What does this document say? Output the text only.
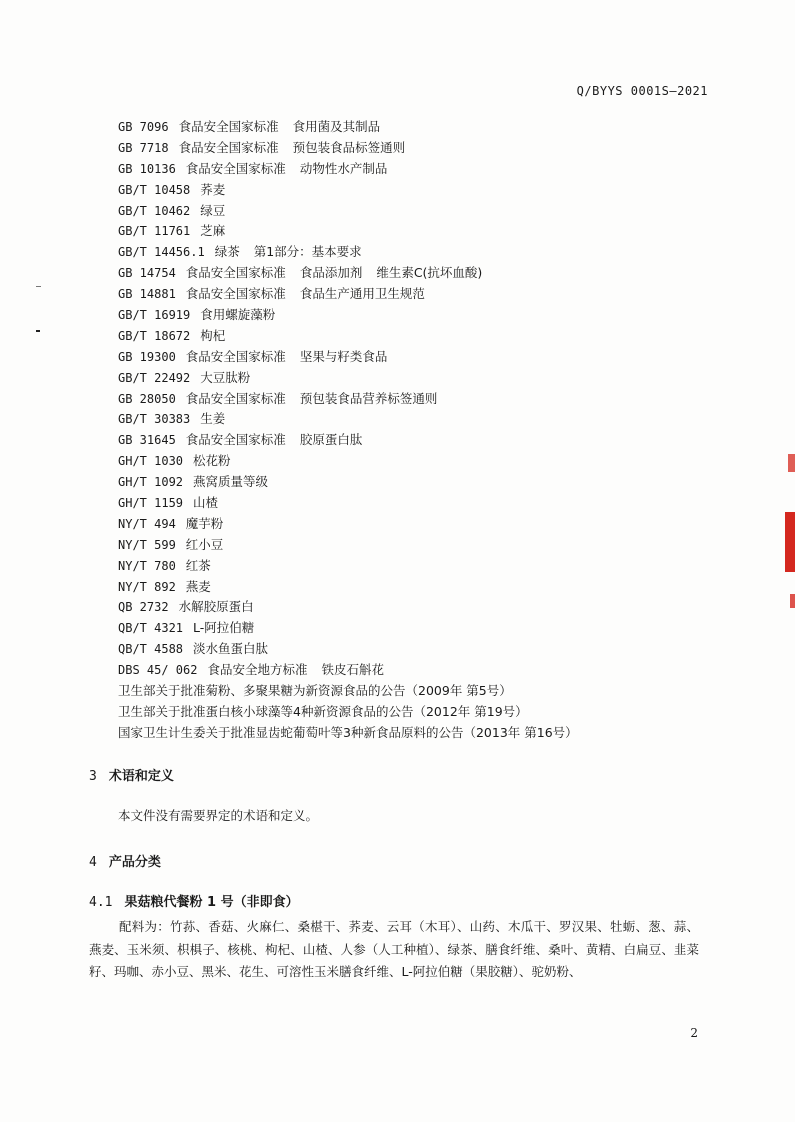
Q/BYYS 0001S—2021
GB 7096 食品安全国家标准 食用菌及其制品
GB 7718 食品安全国家标准 预包装食品标签通则
GB 10136 食品安全国家标准 动物性水产制品
GB/T 10458 荞麦
GB/T 10462 绿豆
GB/T 11761 芝麻
GB/T 14456.1 绿茶 第1部分：基本要求
GB 14754 食品安全国家标准 食品添加剂 维生素C(抗坏血酸)
GB 14881 食品安全国家标准 食品生产通用卫生规范
GB/T 16919 食用螺旋藻粉
GB/T 18672 枸杞
GB 19300 食品安全国家标准 坚果与籽类食品
GB/T 22492 大豆肽粉
GB 28050 食品安全国家标准 预包装食品营养标签通则
GB/T 30383 生姜
GB 31645 食品安全国家标准 胶原蛋白肽
GH/T 1030 松花粉
GH/T 1092 燕窝质量等级
GH/T 1159 山楂
NY/T 494 魔芋粉
NY/T 599 红小豆
NY/T 780 红茶
NY/T 892 燕麦
QB 2732 水解胶原蛋白
QB/T 4321 L-阿拉伯糖
QB/T 4588 淡水鱼蛋白肽
DBS 45/ 062 食品安全地方标准 铁皮石斛花
卫生部关于批准菊粉、多聚果糖为新资源食品的公告（2009年 第5号）
卫生部关于批准蛋白核小球藻等4种新资源食品的公告（2012年 第19号）
国家卫生计生委关于批准显齿蛇葡萄叶等3种新食品原料的公告（2013年 第16号）
3 术语和定义
本文件没有需要界定的术语和定义。
4 产品分类
4.1 果菇粮代餐粉 1 号（非即食）
配料为：竹荪、香菇、火麻仁、桑椹干、荞麦、云耳（木耳）、山药、木瓜干、罗汉果、牡蛎、葱、蒜、燕麦、玉米须、枳椇子、核桃、枸杞、山楂、人参（人工种植）、绿茶、膳食纤维、桑叶、黄精、白扁豆、韭菜籽、玛咖、赤小豆、黑米、花生、可溶性玉米膳食纤维、L-阿拉伯糖（果胶糖）、驼奶粉、
2
